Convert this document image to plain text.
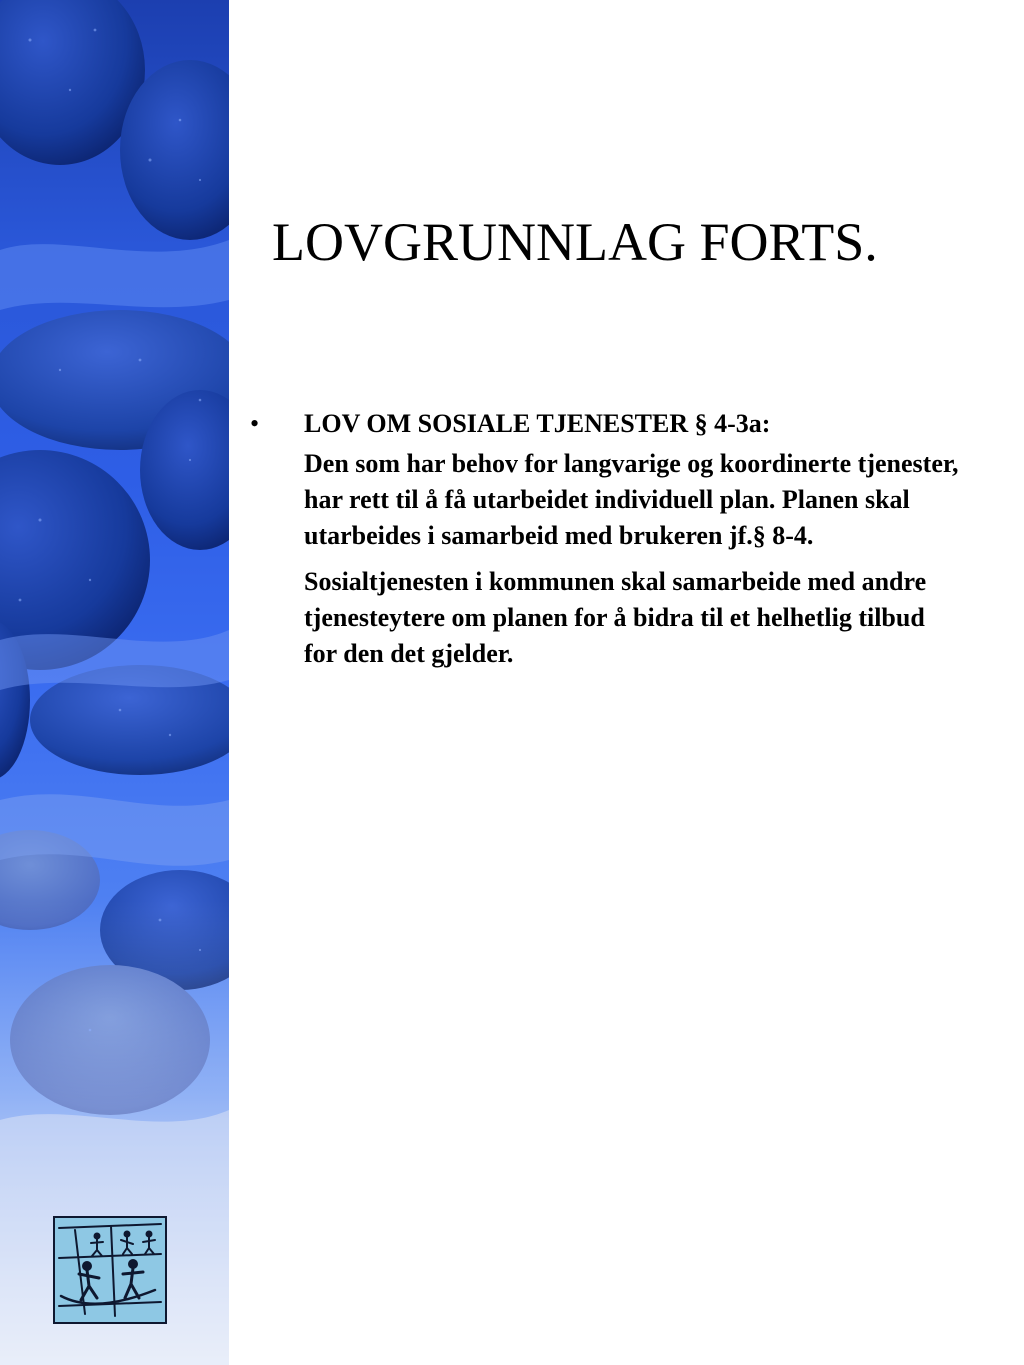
LOVGRUNNLAG FORTS.
•	LOV OM SOSIALE TJENESTER § 4-3a:

Den som har behov for langvarige og koordinerte tjenester, har rett til å få utarbeidet individuell plan. Planen skal utarbeides i samarbeid med brukeren jf.§ 8-4.

Sosialtjenesten i kommunen skal samarbeide med andre tjenesteytere om planen for å bidra til et helhetlig tilbud for den det gjelder.
